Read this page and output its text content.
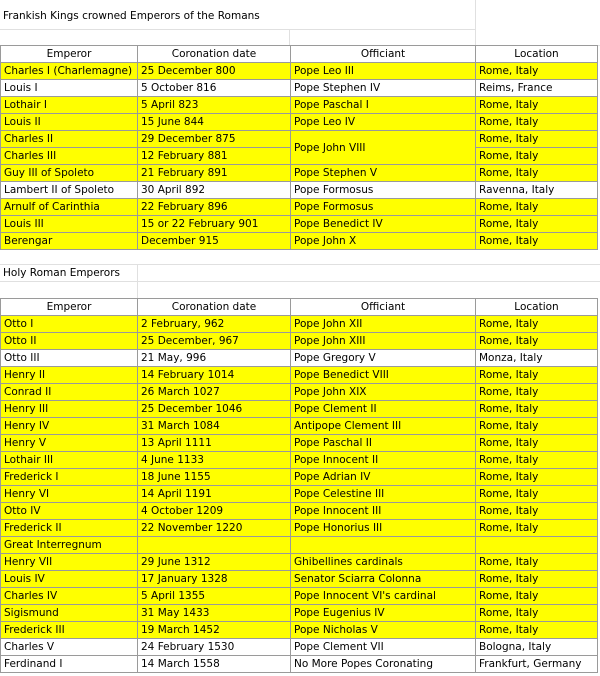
Frankish Kings crowned Emperors of the Romans
Emperor	Coronation date	Officiant	Location
Charles I (Charlemagne)	25 December 800	Pope Leo III	Rome, Italy
Louis I	5 October 816	Pope Stephen IV	Reims, France
Lothair I	5 April 823	Pope Paschal I	Rome, Italy
Louis II	15 June 844	Pope Leo IV	Rome, Italy
Charles II	29 December 875	Pope John VIII	Rome, Italy
Charles III	12 February 881		Rome, Italy
Guy III of Spoleto	21 February 891	Pope Stephen V	Rome, Italy
Lambert II of Spoleto	30 April 892	Pope Formosus	Ravenna, Italy
Arnulf of Carinthia	22 February 896	Pope Formosus	Rome, Italy
Louis III	15 or 22 February 901	Pope Benedict IV	Rome, Italy
Berengar	December 915	Pope John X	Rome, Italy
Holy Roman Emperors
Emperor	Coronation date	Officiant	Location
Otto I	2 February, 962	Pope John XII	Rome, Italy
Otto II	25 December, 967	Pope John XIII	Rome, Italy
Otto III	21 May, 996	Pope Gregory V	Monza, Italy
Henry II	14 February 1014	Pope Benedict VIII	Rome, Italy
Conrad II	26 March 1027	Pope John XIX	Rome, Italy
Henry III	25 December 1046	Pope Clement II	Rome, Italy
Henry IV	31 March 1084	Antipope Clement III	Rome, Italy
Henry V	13 April 1111	Pope Paschal II	Rome, Italy
Lothair III	4 June 1133	Pope Innocent II	Rome, Italy
Frederick I	18 June 1155	Pope Adrian IV	Rome, Italy
Henry VI	14 April 1191	Pope Celestine III	Rome, Italy
Otto IV	4 October 1209	Pope Innocent III	Rome, Italy
Frederick II	22 November 1220	Pope Honorius III	Rome, Italy
Great Interregnum			
Henry VII	29 June 1312	Ghibellines cardinals	Rome, Italy
Louis IV	17 January 1328	Senator Sciarra Colonna	Rome, Italy
Charles IV	5 April 1355	Pope Innocent VI's cardinal	Rome, Italy
Sigismund	31 May 1433	Pope Eugenius IV	Rome, Italy
Frederick III	19 March 1452	Pope Nicholas V	Rome, Italy
Charles V	24 February 1530	Pope Clement VII	Bologna, Italy
Ferdinand I	14 March 1558	No More Popes Coronating	Frankfurt, Germany
